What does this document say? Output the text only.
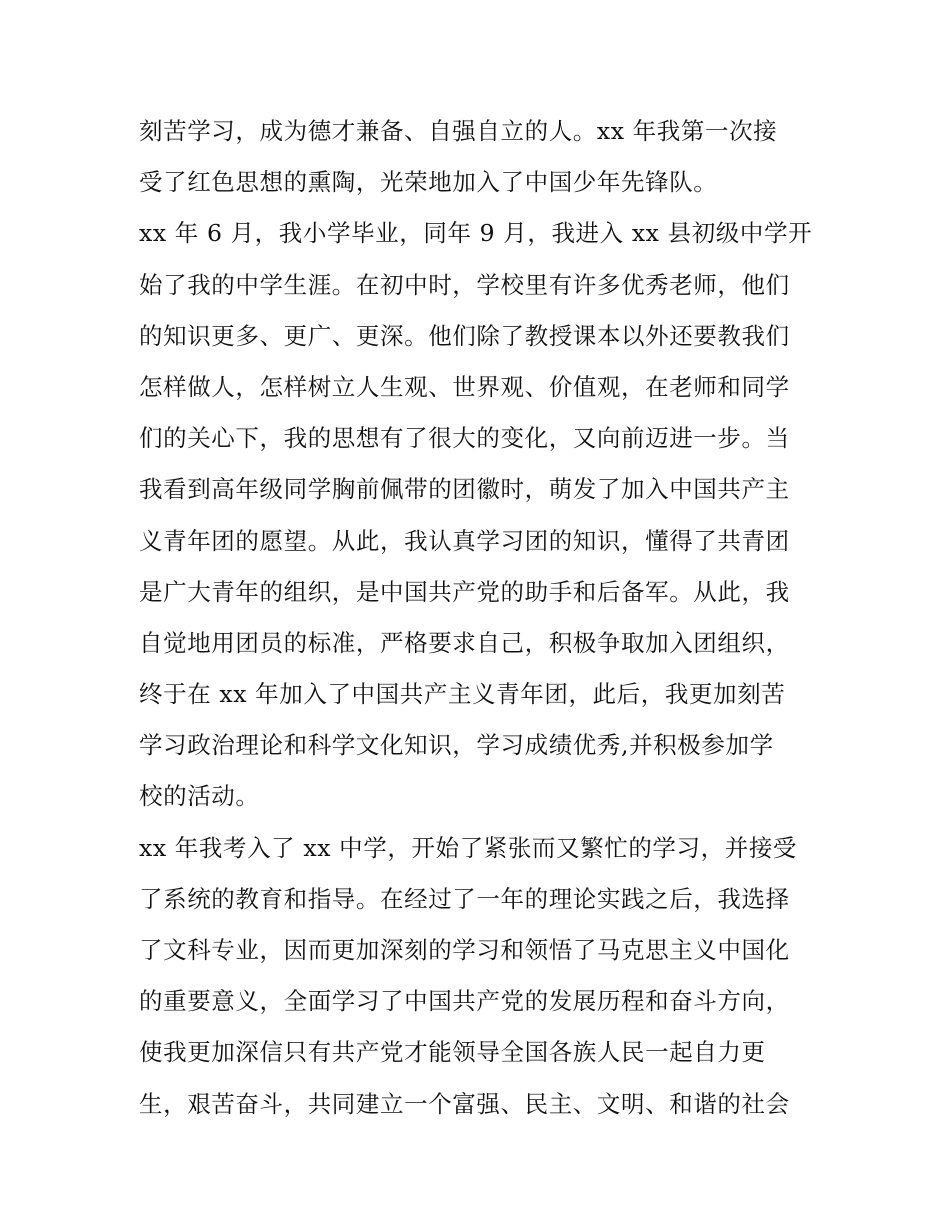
刻苦学习，成为德才兼备、自强自立的人。xx 年我第一次接
受了红色思想的熏陶，光荣地加入了中国少年先锋队。
xx 年 6 月，我小学毕业，同年 9 月，我进入 xx 县初级中学开
始了我的中学生涯。在初中时，学校里有许多优秀老师，他们
的知识更多、更广、更深。他们除了教授课本以外还要教我们
怎样做人，怎样树立人生观、世界观、价值观，在老师和同学
们的关心下，我的思想有了很大的变化，又向前迈进一步。当
我看到高年级同学胸前佩带的团徽时，萌发了加入中国共产主
义青年团的愿望。从此，我认真学习团的知识，懂得了共青团
是广大青年的组织，是中国共产党的助手和后备军。从此，我
自觉地用团员的标准，严格要求自己，积极争取加入团组织，
终于在 xx 年加入了中国共产主义青年团，此后，我更加刻苦
学习政治理论和科学文化知识，学习成绩优秀,并积极参加学
校的活动。
xx 年我考入了 xx 中学，开始了紧张而又繁忙的学习，并接受
了系统的教育和指导。在经过了一年的理论实践之后，我选择
了文科专业，因而更加深刻的学习和领悟了马克思主义中国化
的重要意义，全面学习了中国共产党的发展历程和奋斗方向，
使我更加深信只有共产党才能领导全国各族人民一起自力更
生，艰苦奋斗，共同建立一个富强、民主、文明、和谐的社会
